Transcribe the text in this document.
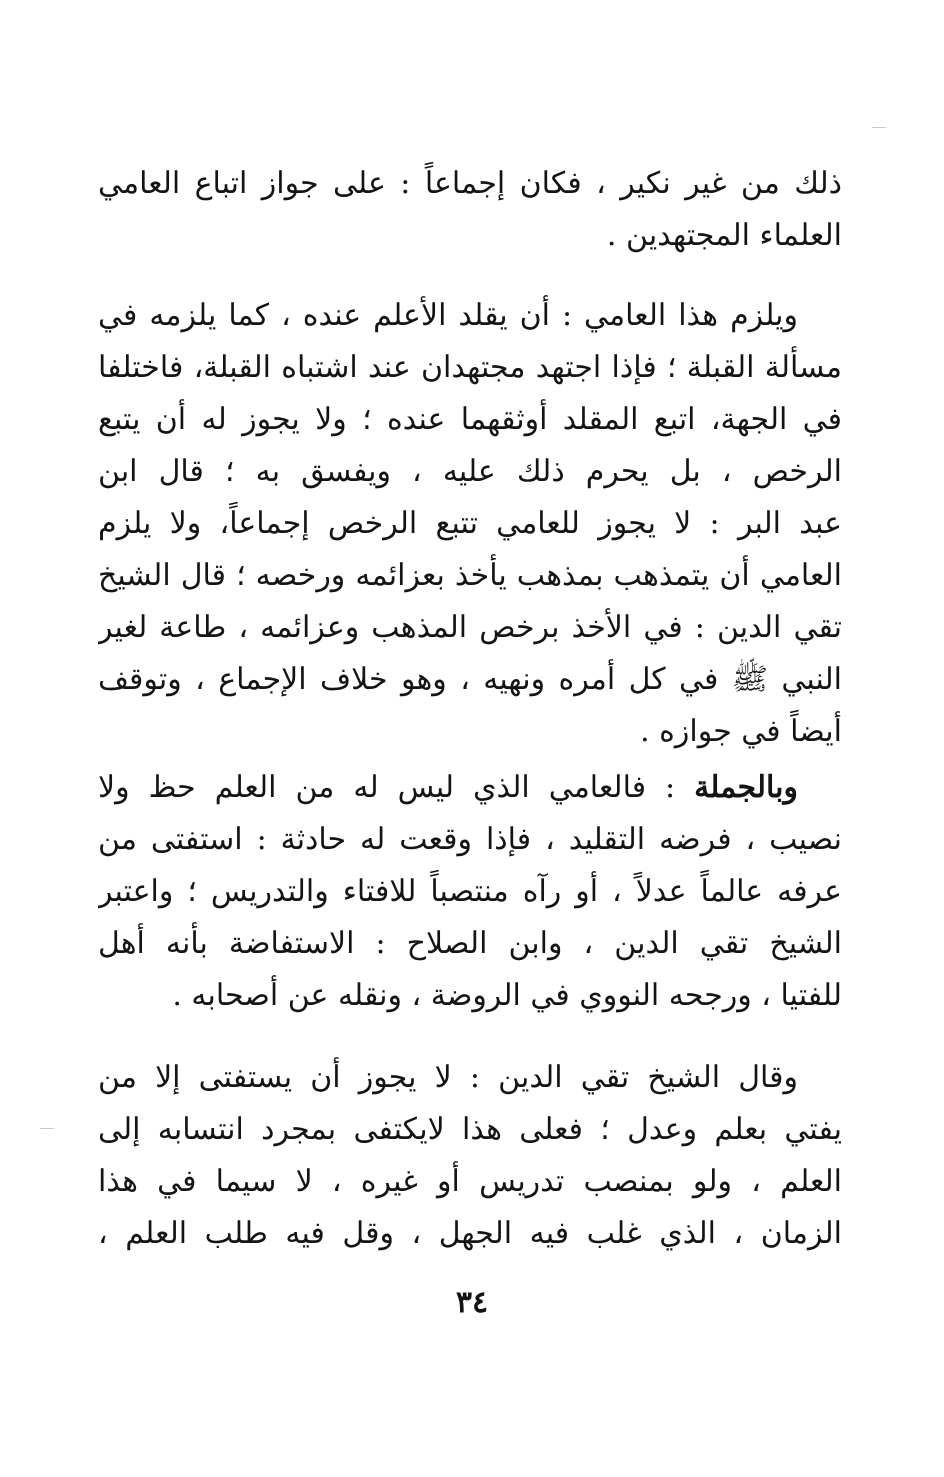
ذلك من غير نكير ، فكان إجماعاً : على جواز اتباع العامي
العلماء المجتهدين .
ويلزم هذا العامي : أن يقلد الأعلم عنده ، كما يلزمه في
مسألة القبلة ؛ فإذا اجتهد مجتهدان عند اشتباه القبلة، فاختلفا
في الجهة، اتبع المقلد أوثقهما عنده ؛ ولا يجوز له أن يتبع
الرخص ، بل يحرم ذلك عليه ، ويفسق به ؛ قال ابن
عبد البر : لا يجوز للعامي تتبع الرخص إجماعاً، ولا يلزم
العامي أن يتمذهب بمذهب يأخذ بعزائمه ورخصه ؛ قال الشيخ
تقي الدين : في الأخذ برخص المذهب وعزائمه ، طاعة لغير
النبي ﷺ في كل أمره ونهيه ، وهو خلاف الإجماع ، وتوقف
أيضاً في جوازه .
وبالجملة : فالعامي الذي ليس له من العلم حظ ولا
نصيب ، فرضه التقليد ، فإذا وقعت له حادثة : استفتى من
عرفه عالماً عدلاً ، أو رآه منتصباً للافتاء والتدريس ؛ واعتبر
الشيخ تقي الدين ، وابن الصلاح : الاستفاضة بأنه أهل
للفتيا ، ورجحه النووي في الروضة ، ونقله عن أصحابه .
وقال الشيخ تقي الدين : لا يجوز أن يستفتى إلا من
يفتي بعلم وعدل ؛ فعلى هذا لايكتفى بمجرد انتسابه إلى
العلم ، ولو بمنصب تدريس أو غيره ، لا سيما في هذا
الزمان ، الذي غلب فيه الجهل ، وقل فيه طلب العلم ،
٣٤
